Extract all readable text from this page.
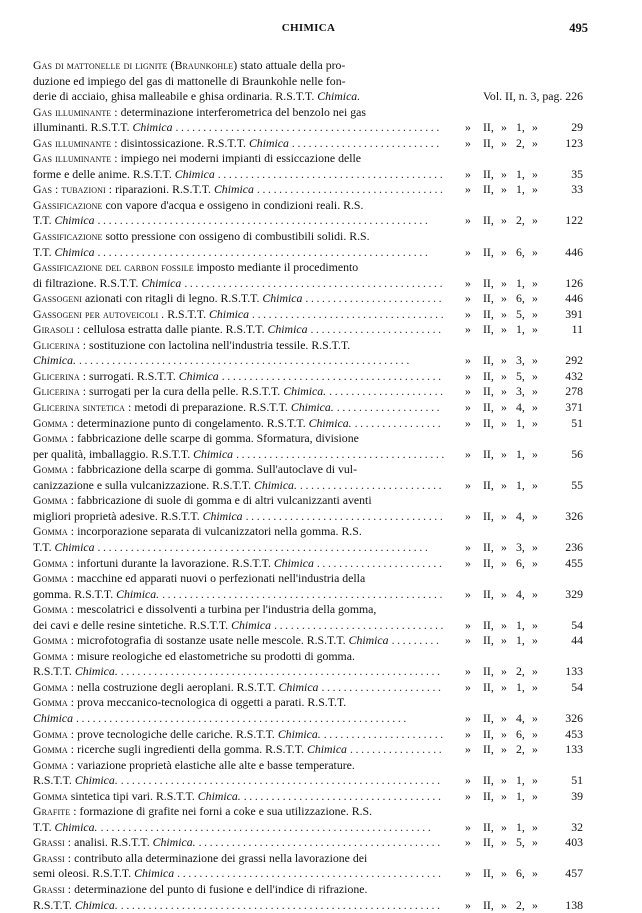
CHIMICA	495
Gas di mattonelle di lignite (Braunkohle) stato attuale della pro-
duzione ed impiego del gas di mattonelle di Braunkohle nelle fon-
derie di acciaio, ghisa malleabile e ghisa ordinaria. R.S.T.T. Chimica.	Vol. II, n. 3, pag. 226
Gas illuminante : determinazione interferometrica del benzolo nei gas
illuminanti. R.S.T.T. Chimica ................................................	» II, » 1, »	29
Gas illuminante : disintossicazione. R.S.T.T. Chimica ...........................	» II, » 2, » 123
Gas illuminante : impiego nei moderni impianti di essiccazione delle
forme e delle anime. R.S.T.T. Chimica .........................................	» II, » 1, »	35
Gas : tubazioni : riparazioni. R.S.T.T. Chimica ..................................	» II, » 1, »	33
Gassificazione con vapore d'acqua e ossigeno in condizioni reali. R.S.
T.T. Chimica ............................................................	» II, » 2, » 122
Gassificazione sotto pressione con ossigeno di combustibili solidi. R.S.
T.T. Chimica ............................................................	» II, » 6, » 446
Gassificazione del carbon fossile imposto mediante il procedimento
di filtrazione. R.S.T.T. Chimica ...............................................	» II, » 1, » 126
Gassogeni azionati con ritagli di legno. R.S.T.T. Chimica .........................	» II, » 6, » 446
Gassogeni per autoveicoli . R.S.T.T. Chimica ...................................	» II, » 5, » 391
Girasoli : cellulosa estratta dalle piante. R.S.T.T. Chimica ........................	» II, » 1, »	11
Glicerina : sostituzione con lactolina nell'industria tessile. R.S.T.T.
Chimica. ............................................................	» II, » 3, » 292
Glicerina : surrogati. R.S.T.T. Chimica ........................................	» II, » 5, » 432
Glicerina : surrogati per la cura della pelle. R.S.T.T. Chimica. .....................	» II, » 3, » 278
Glicerina sintetica : metodi di preparazione. R.S.T.T. Chimica. ...................	» II, » 4, » 371
Gomma : determinazione punto di congelamento. R.S.T.T. Chimica. ................	» II, » 1, »	51
Gomma : fabbricazione delle scarpe di gomma. Sformatura, divisione
per qualità, imballaggio. R.S.T.T. Chimica ......................................	» II, » 1, »	56
Gomma : fabbricazione della scarpe di gomma. Sull'autoclave di vul-
canizzazione e sulla vulcanizzazione. R.S.T.T. Chimica. ..........................	» II, » 1, »	55
Gomma : fabbricazione di suole di gomma e di altri vulcanizzanti aventi
migliori proprietà adesive. R.S.T.T. Chimica ....................................	» II, » 4, » 326
Gomma : incorporazione separata di vulcanizzatori nella gomma. R.S.
T.T. Chimica ............................................................	» II, » 3, » 236
Gomma : infortuni durante la lavorazione. R.S.T.T. Chimica .......................	» II, » 6, » 455
Gomma : macchine ed apparati nuovi o perfezionati nell'industria della
gomma. R.S.T.T. Chimica. ...................................................	» II, » 4, » 329
Gomma : mescolatrici e dissolventi a turbina per l'industria della gomma,
dei cavi e delle resine sintetiche. R.S.T.T. Chimica ...............................	» II, » 1, »	54
Gomma : microfotografia di sostanze usate nelle mescole. R.S.T.T. Chimica .........	» II, » 1, »	44
Gomma : misure reologiche ed elastometriche su prodotti di gomma.
R.S.T.T. Chimica. ..........................................................	» II, » 2, » 133
Gomma : nella costruzione degli aeroplani. R.S.T.T. Chimica ......................	» II, » 1, »	54
Gomma : prova meccanico-tecnologica di oggetti a parati. R.S.T.T.
Chimica ............................................................	» II, » 4, » 326
Gomma : prove tecnologiche delle cariche. R.S.T.T. Chimica. ......................	» II, » 6, » 453
Gomma : ricerche sugli ingredienti della gomma. R.S.T.T. Chimica .................	» II, » 2, » 133
Gomma : variazione proprietà elastiche alle alte e basse temperature.
R.S.T.T. Chimica. ..........................................................	» II, » 1, »	51
Gomma sintetica tipi vari. R.S.T.T. Chimica. ....................................	» II, » 1, »	39
Grafite : formazione di grafite nei forni a coke e sua utilizzazione. R.S.
T.T. Chimica. ............................................................	» II, » 1, »	32
Grassi : analisi. R.S.T.T. Chimica. ............................................	» II, » 5, » 403
Grassi : contributo alla determinazione dei grassi nella lavorazione dei
semi oleosi. R.S.T.T. Chimica ................................................	» II, » 6, » 457
Grassi : determinazione del punto di fusione e dell'indice di rifrazione.
R.S.T.T. Chimica. ..........................................................	» II, » 2, » 138
